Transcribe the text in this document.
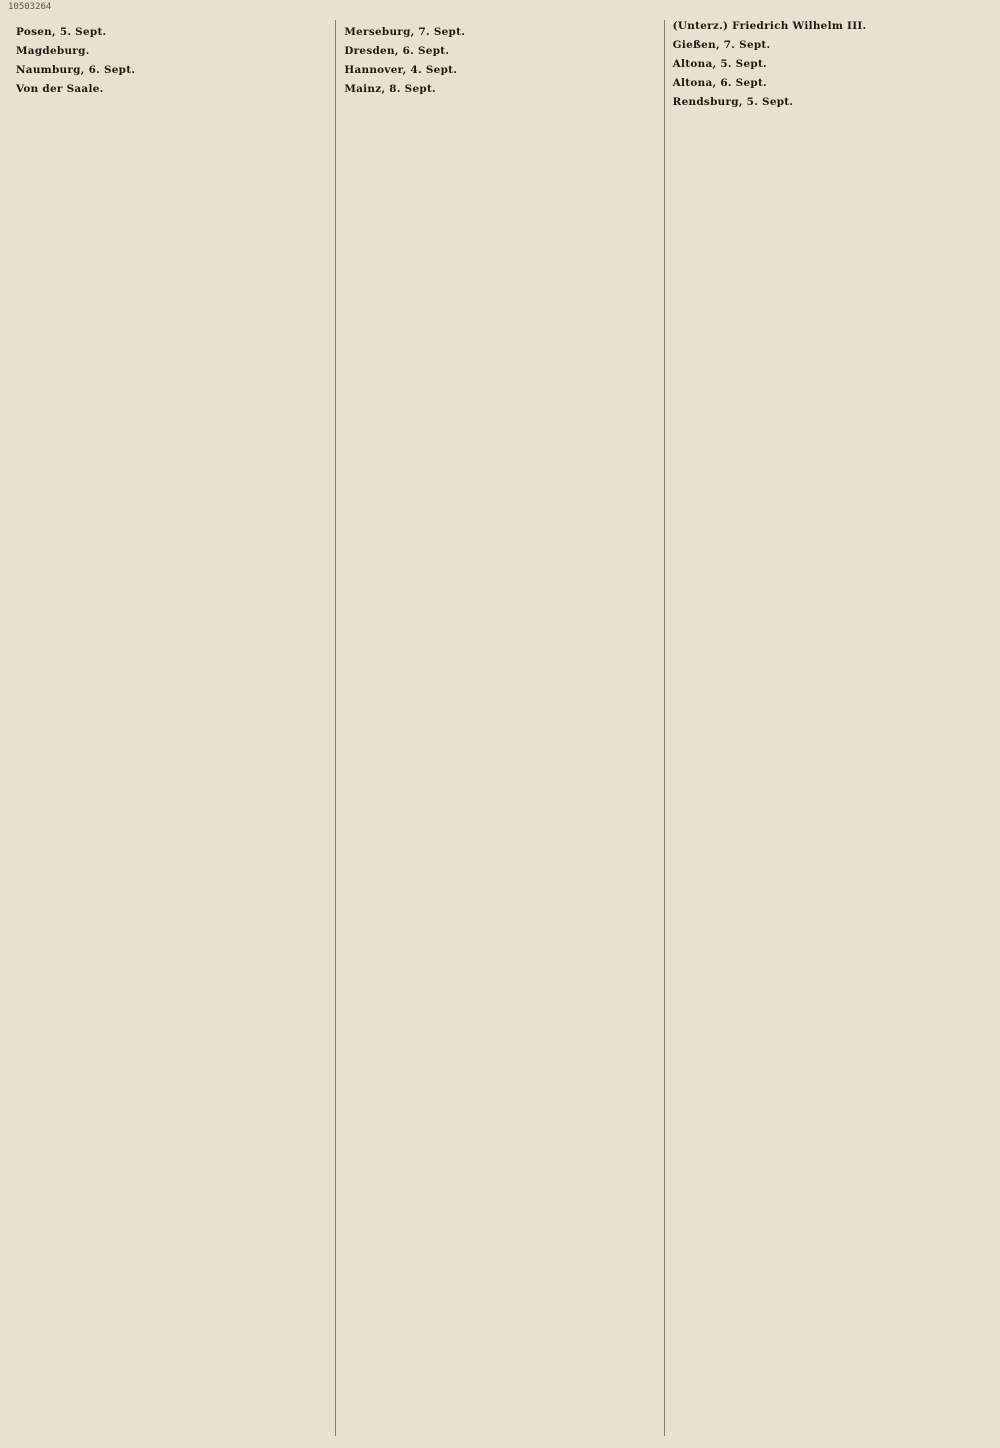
10503264
Posen, 5. Sept.
Magdeburg.
Naumburg, 6. Sept.
Von der Saale.
Merseburg, 7. Sept.
Dresden, 6. Sept.
Hannover, 4. Sept.
Mainz, 8. Sept.
(Unterz.) Friedrich Wilhelm III.
Gießen, 7. Sept.
Altona, 5. Sept.
Altona, 6. Sept.
Rendsburg, 5. Sept.
